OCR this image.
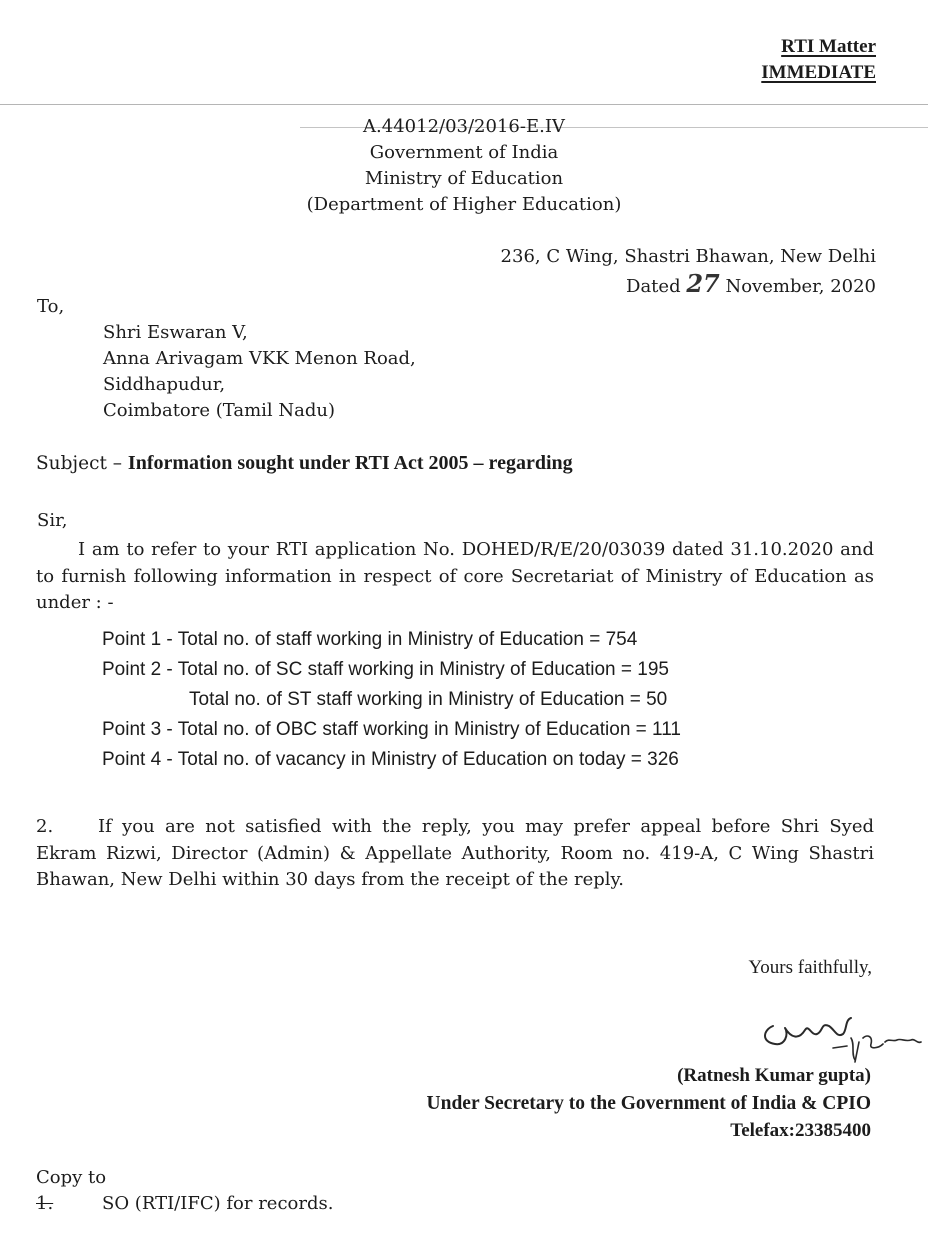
RTI Matter
IMMEDIATE
A.44012/03/2016-E.IV
Government of India
Ministry of Education
(Department of Higher Education)
236, C Wing, Shastri Bhawan, New Delhi
Dated 27 November, 2020
To,
Shri Eswaran V,
Anna Arivagam VKK Menon Road,
Siddhapudur,
Coimbatore (Tamil Nadu)
Subject – Information sought under RTI Act 2005 – regarding
Sir,
I am to refer to your RTI application No. DOHED/R/E/20/03039 dated 31.10.2020 and to furnish following information in respect of core Secretariat of Ministry of Education as under : -
Point 1 - Total no. of staff working in Ministry of Education = 754
Point 2 - Total no. of SC staff working in Ministry of Education = 195
Total no. of ST staff working in Ministry of Education = 50
Point 3 - Total no. of OBC staff working in Ministry of Education = 111
Point 4 - Total no. of vacancy in Ministry of Education on today = 326
2. If you are not satisfied with the reply, you may prefer appeal before Shri Syed Ekram Rizwi, Director (Admin) & Appellate Authority, Room no. 419-A, C Wing Shastri Bhawan, New Delhi within 30 days from the receipt of the reply.
Yours faithfully,
(Ratnesh Kumar gupta)
Under Secretary to the Government of India & CPIO
Telefax:23385400
Copy to
1.	SO (RTI/IFC) for records.
